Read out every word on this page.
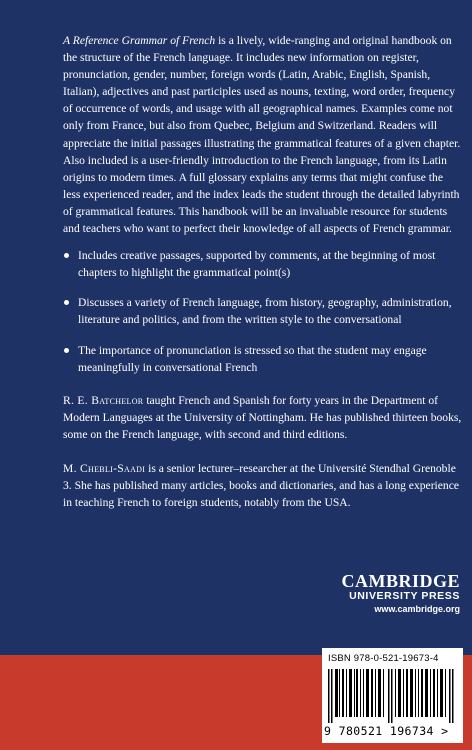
A Reference Grammar of French is a lively, wide-ranging and original handbook on the structure of the French language. It includes new information on register, pronunciation, gender, number, foreign words (Latin, Arabic, English, Spanish, Italian), adjectives and past participles used as nouns, texting, word order, frequency of occurrence of words, and usage with all geographical names. Examples come not only from France, but also from Quebec, Belgium and Switzerland. Readers will appreciate the initial passages illustrating the grammatical features of a given chapter. Also included is a user-friendly introduction to the French language, from its Latin origins to modern times. A full glossary explains any terms that might confuse the less experienced reader, and the index leads the student through the detailed labyrinth of grammatical features. This handbook will be an invaluable resource for students and teachers who want to perfect their knowledge of all aspects of French grammar.

Includes creative passages, supported by comments, at the beginning of most chapters to highlight the grammatical point(s)
Discusses a variety of French language, from history, geography, administration, literature and politics, and from the written style to the conversational
The importance of pronunciation is stressed so that the student may engage meaningfully in conversational French

R. E. Batchelor taught French and Spanish for forty years in the Department of Modern Languages at the University of Nottingham. He has published thirteen books, some on the French language, with second and third editions.

M. Chebli-Saadi is a senior lecturer–researcher at the Université Stendhal Grenoble 3. She has published many articles, books and dictionaries, and has a long experience in teaching French to foreign students, notably from the USA.

CAMBRIDGE
UNIVERSITY PRESS
www.cambridge.org
ISBN 978-0-521-19673-4
9 780521 196734 >
